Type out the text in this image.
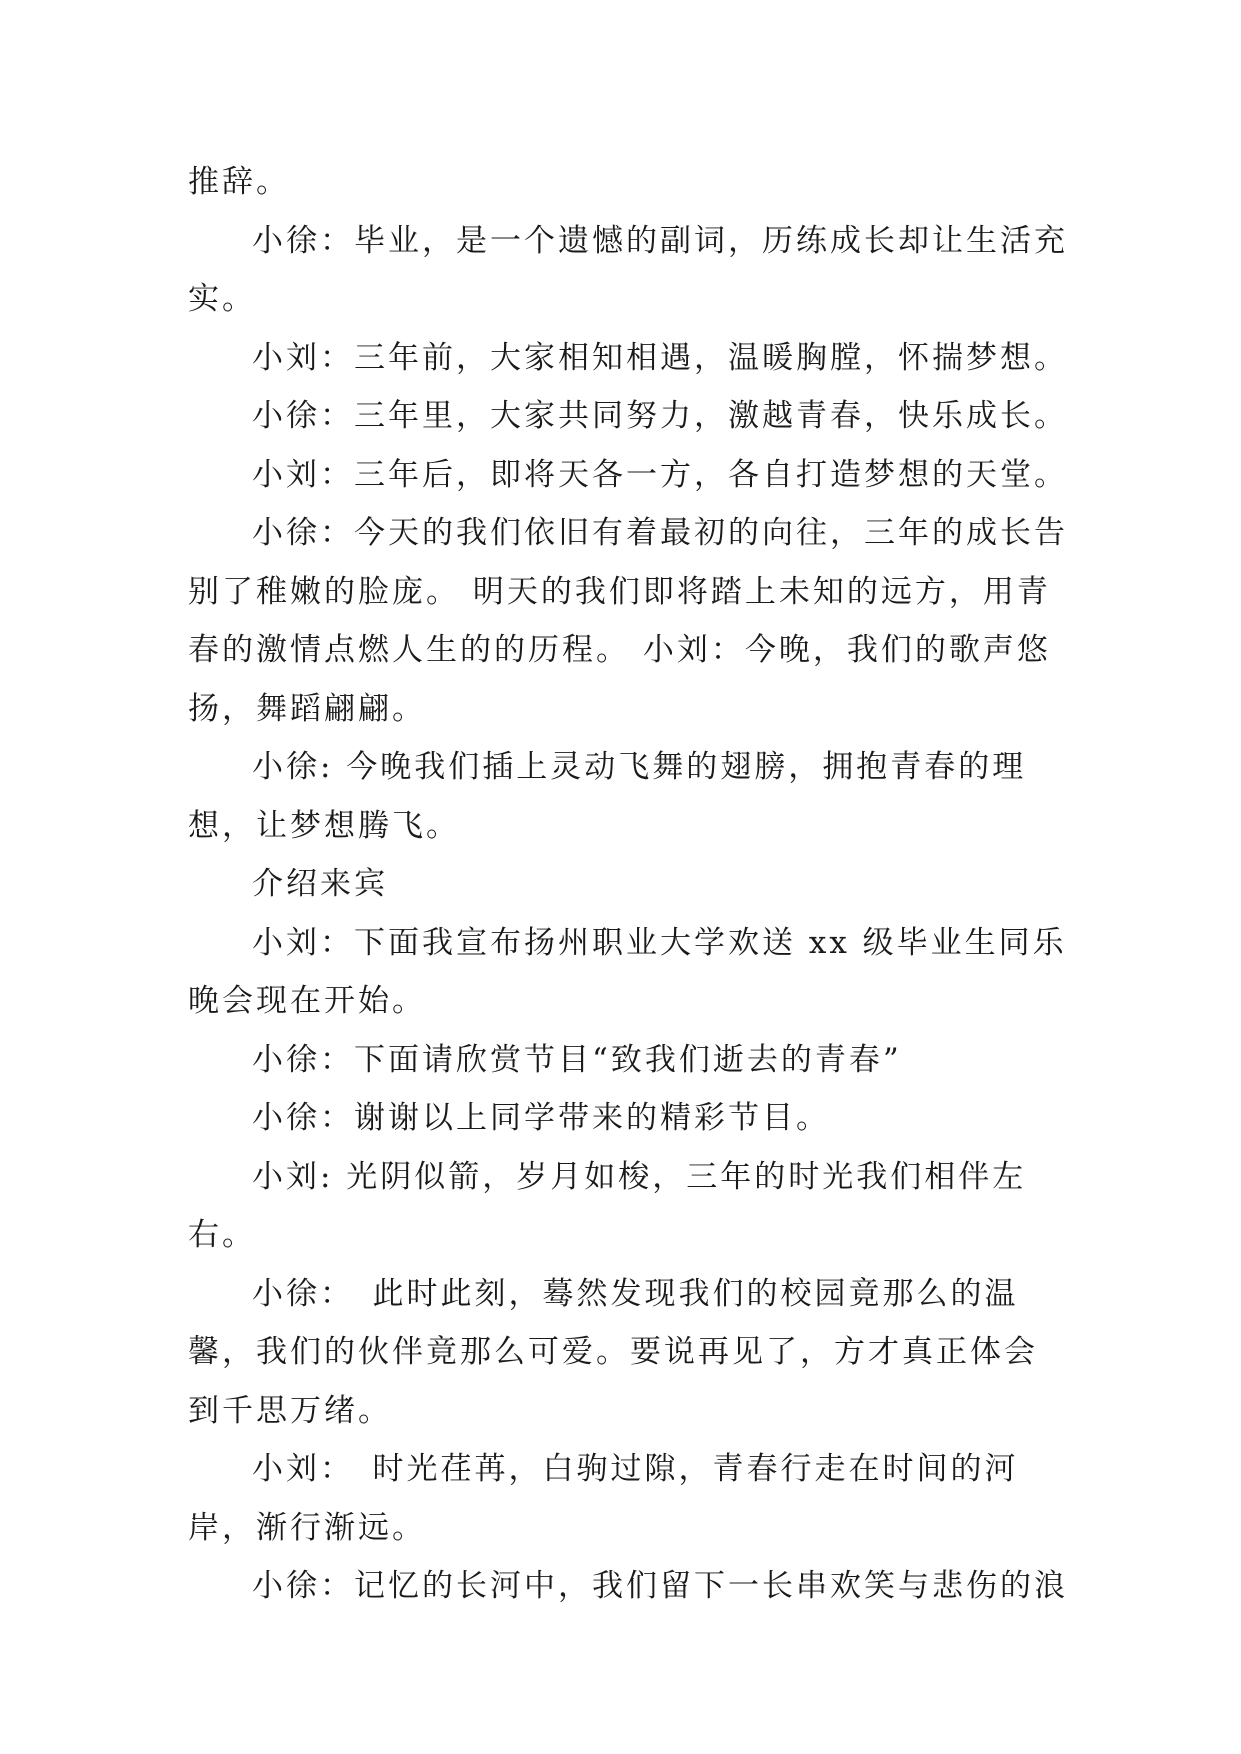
推辞。

小徐：毕业，是一个遗憾的副词，历练成长却让生活充实。

小刘：三年前，大家相知相遇，温暖胸膛，怀揣梦想。

小徐：三年里，大家共同努力，激越青春，快乐成长。

小刘：三年后，即将天各一方，各自打造梦想的天堂。

小徐：今天的我们依旧有着最初的向往，三年的成长告别了稚嫩的脸庞。 明天的我们即将踏上未知的远方，用青春的激情点燃人生的的历程。 小刘：今晚，我们的歌声悠扬，舞蹈翩翩。

小徐: 今晚我们插上灵动飞舞的翅膀，拥抱青春的理想，让梦想腾飞。

介绍来宾

小刘：下面我宣布扬州职业大学欢送 xx 级毕业生同乐晚会现在开始。

小徐：下面请欣赏节目“致我们逝去的青春”

小徐：谢谢以上同学带来的精彩节目。

小刘: 光阴似箭，岁月如梭，三年的时光我们相伴左右。

小徐：　此时此刻，蓦然发现我们的校园竟那么的温馨，我们的伙伴竟那么可爱。要说再见了，方才真正体会到千思万绪。

小刘：　时光荏苒，白驹过隙，青春行走在时间的河岸，渐行渐远。

小徐：记忆的长河中，我们留下一长串欢笑与悲伤的浪
